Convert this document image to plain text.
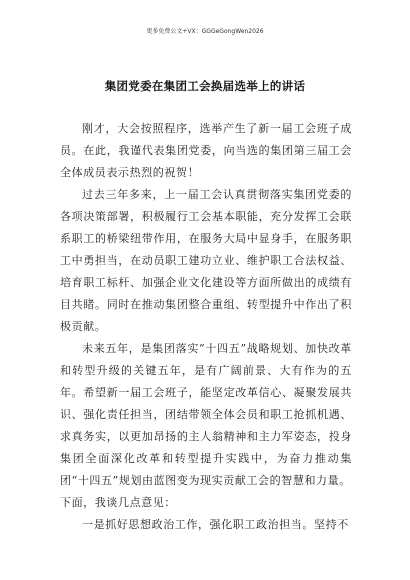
更多免费公文+VX：GGGeGongWen2026
集团党委在集团工会换届选举上的讲话

刚才，大会按照程序，选举产生了新一届工会班子成员。在此，我谨代表集团党委，向当选的集团第三届工会全体成员表示热烈的祝贺！

过去三年多来，上一届工会认真贯彻落实集团党委的各项决策部署，积极履行工会基本职能，充分发挥工会联系职工的桥梁纽带作用，在服务大局中显身手，在服务职工中勇担当，在动员职工建功立业、维护职工合法权益、培育职工标杆、加强企业文化建设等方面所做出的成绩有目共睹。同时在推动集团整合重组、转型提升中作出了积极贡献。

未来五年，是集团落实“十四五”战略规划、加快改革和转型升级的关键五年，是有广阔前景、大有作为的五年。希望新一届工会班子，能坚定改革信心、凝聚发展共识、强化责任担当，团结带领全体会员和职工抢抓机遇、求真务实，以更加昂扬的主人翁精神和主力军姿态，投身集团全面深化改革和转型提升实践中，为奋力推动集团“十四五”规划由蓝图变为现实贡献工会的智慧和力量。

下面，我谈几点意见：

一是抓好思想政治工作，强化职工政治担当。坚持不
